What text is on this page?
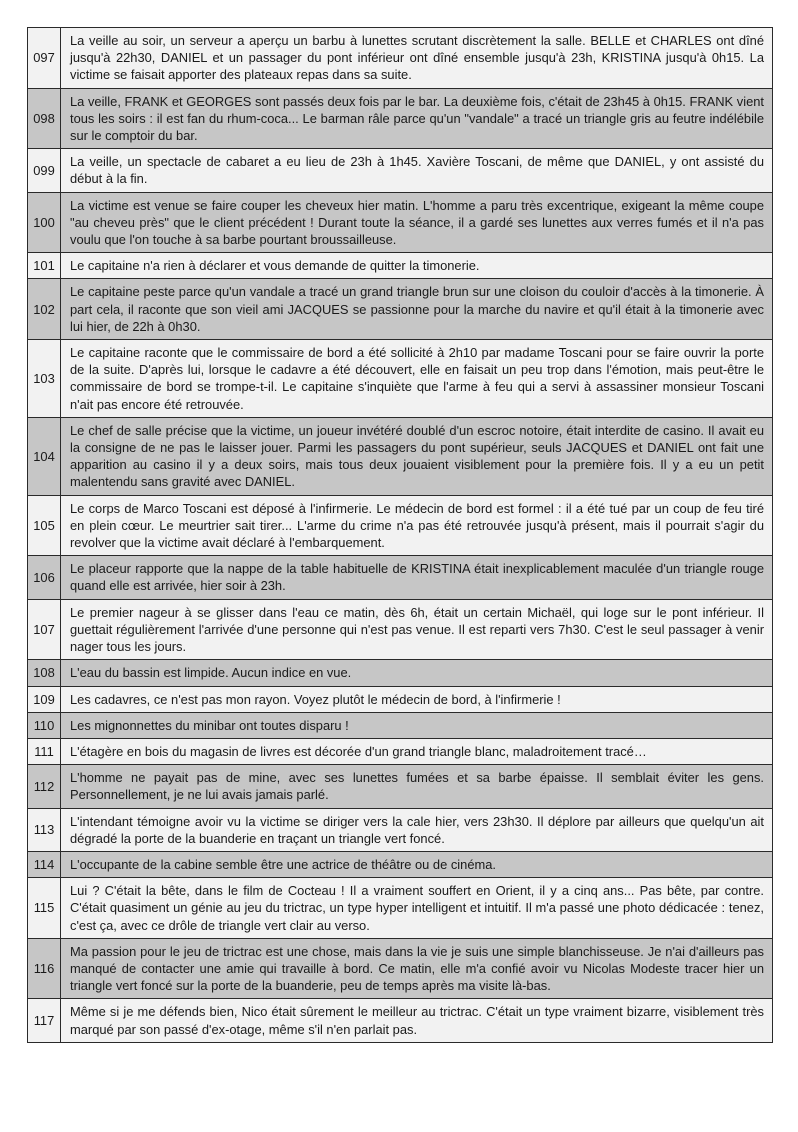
097	La veille au soir, un serveur a aperçu un barbu à lunettes scrutant discrètement la salle. BELLE et CHARLES ont dîné jusqu'à 22h30, DANIEL et un passager du pont inférieur ont dîné ensemble jusqu'à 23h, KRISTINA jusqu'à 0h15. La victime se faisait apporter des plateaux repas dans sa suite.
098	La veille, FRANK et GEORGES sont passés deux fois par le bar. La deuxième fois, c'était de 23h45 à 0h15. FRANK vient tous les soirs : il est fan du rhum-coca... Le barman râle parce qu'un "vandale" a tracé un triangle gris au feutre indélébile sur le comptoir du bar.
099	La veille, un spectacle de cabaret a eu lieu de 23h à 1h45. Xavière Toscani, de même que DANIEL, y ont assisté du début à la fin.
100	La victime est venue se faire couper les cheveux hier matin. L'homme a paru très excentrique, exigeant la même coupe "au cheveu près" que le client précédent ! Durant toute la séance, il a gardé ses lunettes aux verres fumés et il n'a pas voulu que l'on touche à sa barbe pourtant broussailleuse.
101	Le capitaine n'a rien à déclarer et vous demande de quitter la timonerie.
102	Le capitaine peste parce qu'un vandale a tracé un grand triangle brun sur une cloison du couloir d'accès à la timonerie. À part cela, il raconte que son vieil ami JACQUES se passionne pour la marche du navire et qu'il était à la timonerie avec lui hier, de 22h à 0h30.
103	Le capitaine raconte que le commissaire de bord a été sollicité à 2h10 par madame Toscani pour se faire ouvrir la porte de la suite. D'après lui, lorsque le cadavre a été découvert, elle en faisait un peu trop dans l'émotion, mais peut-être le commissaire de bord se trompe-t-il. Le capitaine s'inquiète que l'arme à feu qui a servi à assassiner monsieur Toscani n'ait pas encore été retrouvée.
104	Le chef de salle précise que la victime, un joueur invétéré doublé d'un escroc notoire, était interdite de casino. Il avait eu la consigne de ne pas le laisser jouer. Parmi les passagers du pont supérieur, seuls JACQUES et DANIEL ont fait une apparition au casino il y a deux soirs, mais tous deux jouaient visiblement pour la première fois. Il y a eu un petit malentendu sans gravité avec DANIEL.
105	Le corps de Marco Toscani est déposé à l'infirmerie. Le médecin de bord est formel : il a été tué par un coup de feu tiré en plein cœur. Le meurtrier sait tirer... L'arme du crime n'a pas été retrouvée jusqu'à présent, mais il pourrait s'agir du revolver que la victime avait déclaré à l'embarquement.
106	Le placeur rapporte que la nappe de la table habituelle de KRISTINA était inexplicablement maculée d'un triangle rouge quand elle est arrivée, hier soir à 23h.
107	Le premier nageur à se glisser dans l'eau ce matin, dès 6h, était un certain Michaël, qui loge sur le pont inférieur. Il guettait régulièrement l'arrivée d'une personne qui n'est pas venue. Il est reparti vers 7h30. C'est le seul passager à venir nager tous les jours.
108	L'eau du bassin est limpide. Aucun indice en vue.
109	Les cadavres, ce n'est pas mon rayon. Voyez plutôt le médecin de bord, à l'infirmerie !
110	Les mignonnettes du minibar ont toutes disparu !
111	L'étagère en bois du magasin de livres est décorée d'un grand triangle blanc, maladroitement tracé…
112	L'homme ne payait pas de mine, avec ses lunettes fumées et sa barbe épaisse. Il semblait éviter les gens. Personnellement, je ne lui avais jamais parlé.
113	L'intendant témoigne avoir vu la victime se diriger vers la cale hier, vers 23h30. Il déplore par ailleurs que quelqu'un ait dégradé la porte de la buanderie en traçant un triangle vert foncé.
114	L'occupante de la cabine semble être une actrice de théâtre ou de cinéma.
115	Lui ? C'était la bête, dans le film de Cocteau ! Il a vraiment souffert en Orient, il y a cinq ans... Pas bête, par contre. C'était quasiment un génie au jeu du trictrac, un type hyper intelligent et intuitif. Il m'a passé une photo dédicacée : tenez, c'est ça, avec ce drôle de triangle vert clair au verso.
116	Ma passion pour le jeu de trictrac est une chose, mais dans la vie je suis une simple blanchisseuse. Je n'ai d'ailleurs pas manqué de contacter une amie qui travaille à bord. Ce matin, elle m'a confié avoir vu Nicolas Modeste tracer hier un triangle vert foncé sur la porte de la buanderie, peu de temps après ma visite là-bas.
117	Même si je me défends bien, Nico était sûrement le meilleur au trictrac. C'était un type vraiment bizarre, visiblement très marqué par son passé d'ex-otage, même s'il n'en parlait pas.
